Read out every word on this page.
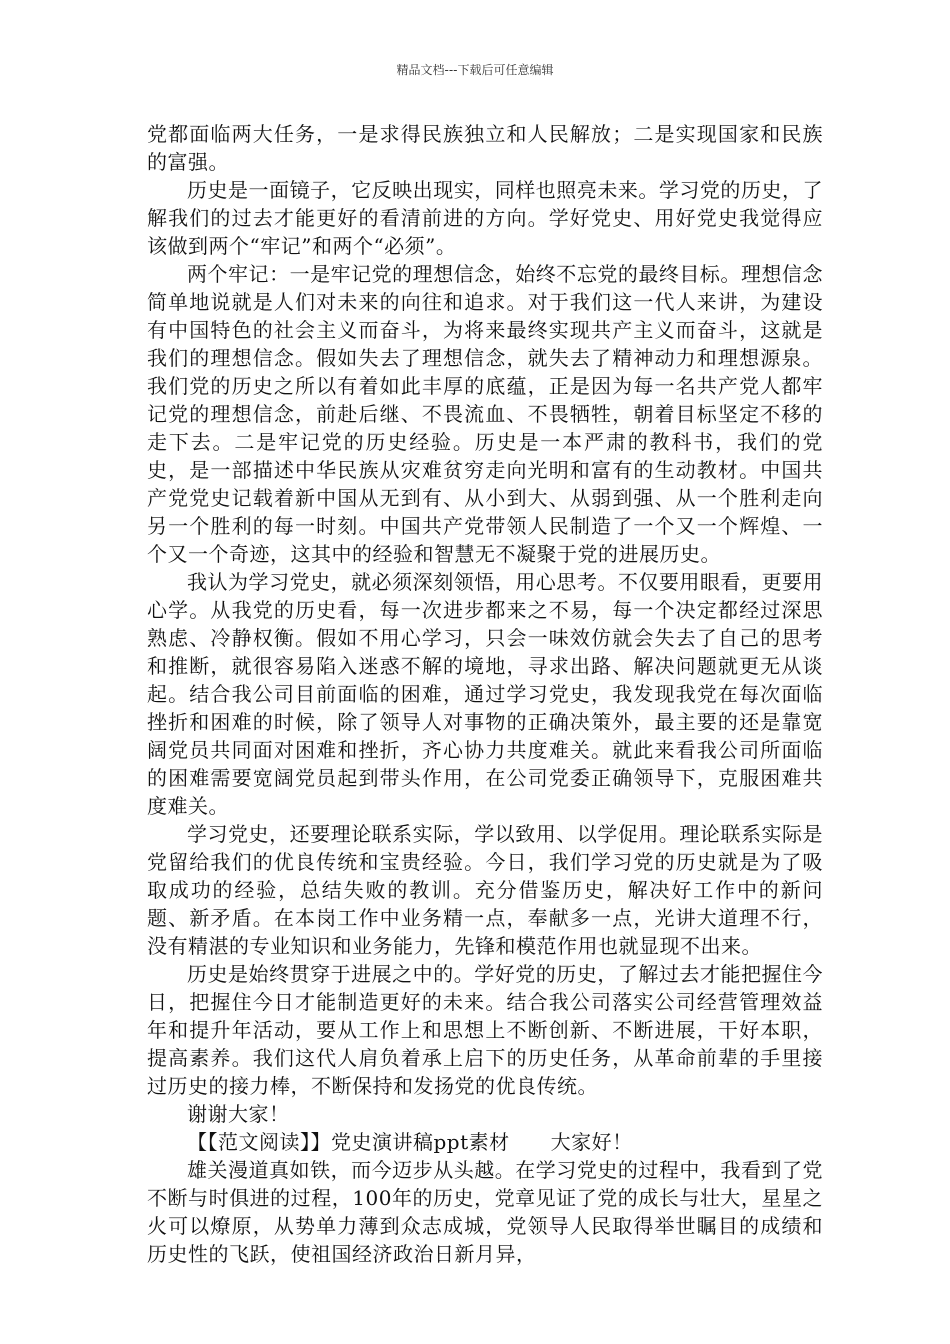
精品文档---下载后可任意编辑

党都面临两大任务，一是求得民族独立和人民解放；二是实现国家和民族的富强。

历史是一面镜子，它反映出现实，同样也照亮未来。学习党的历史，了解我们的过去才能更好的看清前进的方向。学好党史、用好党史我觉得应该做到两个“牢记”和两个“必须”。

两个牢记：一是牢记党的理想信念，始终不忘党的最终目标。理想信念简单地说就是人们对未来的向往和追求。对于我们这一代人来讲，为建设有中国特色的社会主义而奋斗，为将来最终实现共产主义而奋斗，这就是我们的理想信念。假如失去了理想信念，就失去了精神动力和理想源泉。我们党的历史之所以有着如此丰厚的底蕴，正是因为每一名共产党人都牢记党的理想信念，前赴后继、不畏流血、不畏牺牲，朝着目标坚定不移的走下去。二是牢记党的历史经验。历史是一本严肃的教科书，我们的党史，是一部描述中华民族从灾难贫穷走向光明和富有的生动教材。中国共产党党史记载着新中国从无到有、从小到大、从弱到强、从一个胜利走向另一个胜利的每一时刻。中国共产党带领人民制造了一个又一个辉煌、一个又一个奇迹，这其中的经验和智慧无不凝聚于党的进展历史。

我认为学习党史，就必须深刻领悟，用心思考。不仅要用眼看，更要用心学。从我党的历史看，每一次进步都来之不易，每一个决定都经过深思熟虑、冷静权衡。假如不用心学习，只会一味效仿就会失去了自己的思考和推断，就很容易陷入迷惑不解的境地，寻求出路、解决问题就更无从谈起。结合我公司目前面临的困难，通过学习党史，我发现我党在每次面临挫折和困难的时候，除了领导人对事物的正确决策外，最主要的还是靠宽阔党员共同面对困难和挫折，齐心协力共度难关。就此来看我公司所面临的困难需要宽阔党员起到带头作用，在公司党委正确领导下，克服困难共度难关。

学习党史，还要理论联系实际，学以致用、以学促用。理论联系实际是党留给我们的优良传统和宝贵经验。今日，我们学习党的历史就是为了吸取成功的经验，总结失败的教训。充分借鉴历史，解决好工作中的新问题、新矛盾。在本岗工作中业务精一点，奉献多一点，光讲大道理不行，没有精湛的专业知识和业务能力，先锋和模范作用也就显现不出来。

历史是始终贯穿于进展之中的。学好党的历史，了解过去才能把握住今日，把握住今日才能制造更好的未来。结合我公司落实公司经营管理效益年和提升年活动，要从工作上和思想上不断创新、不断进展，干好本职，提高素养。我们这代人肩负着承上启下的历史任务，从革命前辈的手里接过历史的接力棒，不断保持和发扬党的优良传统。

谢谢大家！

【【范文阅读】】党史演讲稿ppt素材　　大家好！

雄关漫道真如铁，而今迈步从头越。在学习党史的过程中，我看到了党不断与时俱进的过程，100年的历史，党章见证了党的成长与壮大，星星之火可以燎原，从势单力薄到众志成城，党领导人民取得举世瞩目的成绩和历史性的飞跃，使祖国经济政治日新月异，
